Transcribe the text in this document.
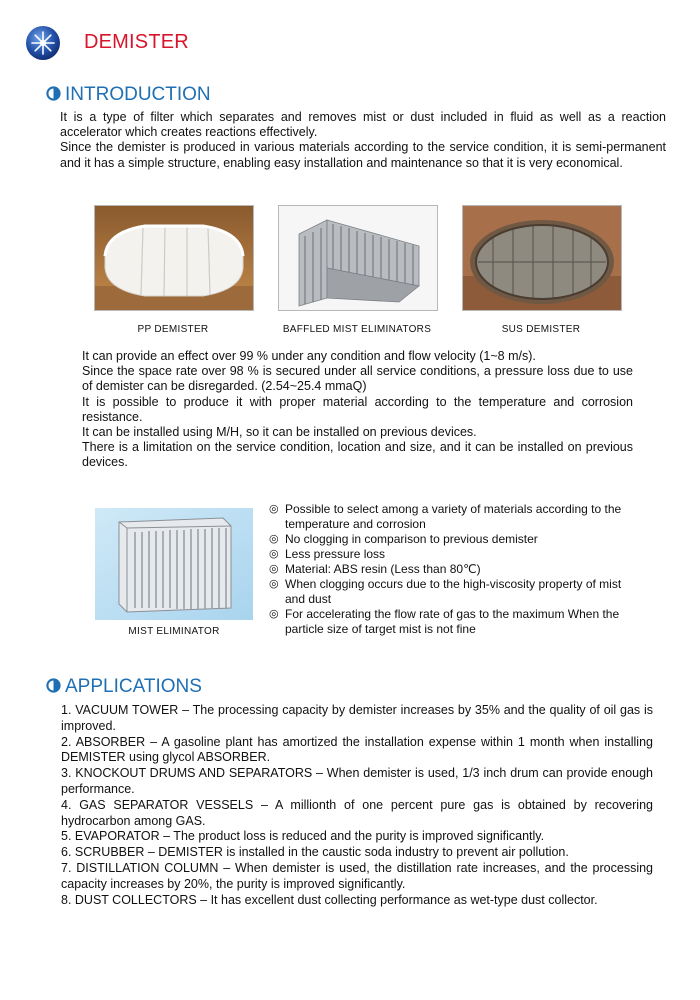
DEMISTER
INTRODUCTION

It is a type of filter which separates and removes mist or dust included in fluid as well as a reaction accelerator which creates reactions effectively.

Since the demister is produced in various materials according to the service condition, it is semi-permanent and it has a simple structure, enabling easy installation and maintenance so that it is very economical.

PP DEMISTER	BAFFLED MIST ELIMINATORS	SUS DEMISTER

It can provide an effect over 99 % under any condition and flow velocity (1~8 m/s).

Since the space rate over 98 % is secured under all service conditions, a pressure loss due to use of demister can be disregarded. (2.54~25.4 mmaQ)

It is possible to produce it with proper material according to the temperature and corrosion resistance.

It can be installed using M/H, so it can be installed on previous devices.

There is a limitation on the service condition, location and size, and it can be installed on previous devices.

MIST ELIMINATOR
◎ Possible to select among a variety of materials according to the temperature and corrosion
◎ No clogging in comparison to previous demister
◎ Less pressure loss
◎ Material: ABS resin (Less than 80℃)
◎ When clogging occurs due to the high-viscosity property of mist and dust
◎ For accelerating the flow rate of gas to the maximum When the particle size of target mist is not fine
APPLICATIONS

1. VACUUM TOWER – The processing capacity by demister increases by 35% and the quality of oil gas is improved.

2. ABSORBER – A gasoline plant has amortized the installation expense within 1 month when installing DEMISTER using glycol ABSORBER.

3. KNOCKOUT DRUMS AND SEPARATORS – When demister is used, 1/3 inch drum can provide enough performance.

4. GAS SEPARATOR VESSELS – A millionth of one percent pure gas is obtained by recovering hydrocarbon among GAS.

5. EVAPORATOR – The product loss is reduced and the purity is improved significantly.

6. SCRUBBER – DEMISTER is installed in the caustic soda industry to prevent air pollution.

7. DISTILLATION COLUMN – When demister is used, the distillation rate increases, and the processing capacity increases by 20%, the purity is improved significantly.

8. DUST COLLECTORS – It has excellent dust collecting performance as wet-type dust collector.
